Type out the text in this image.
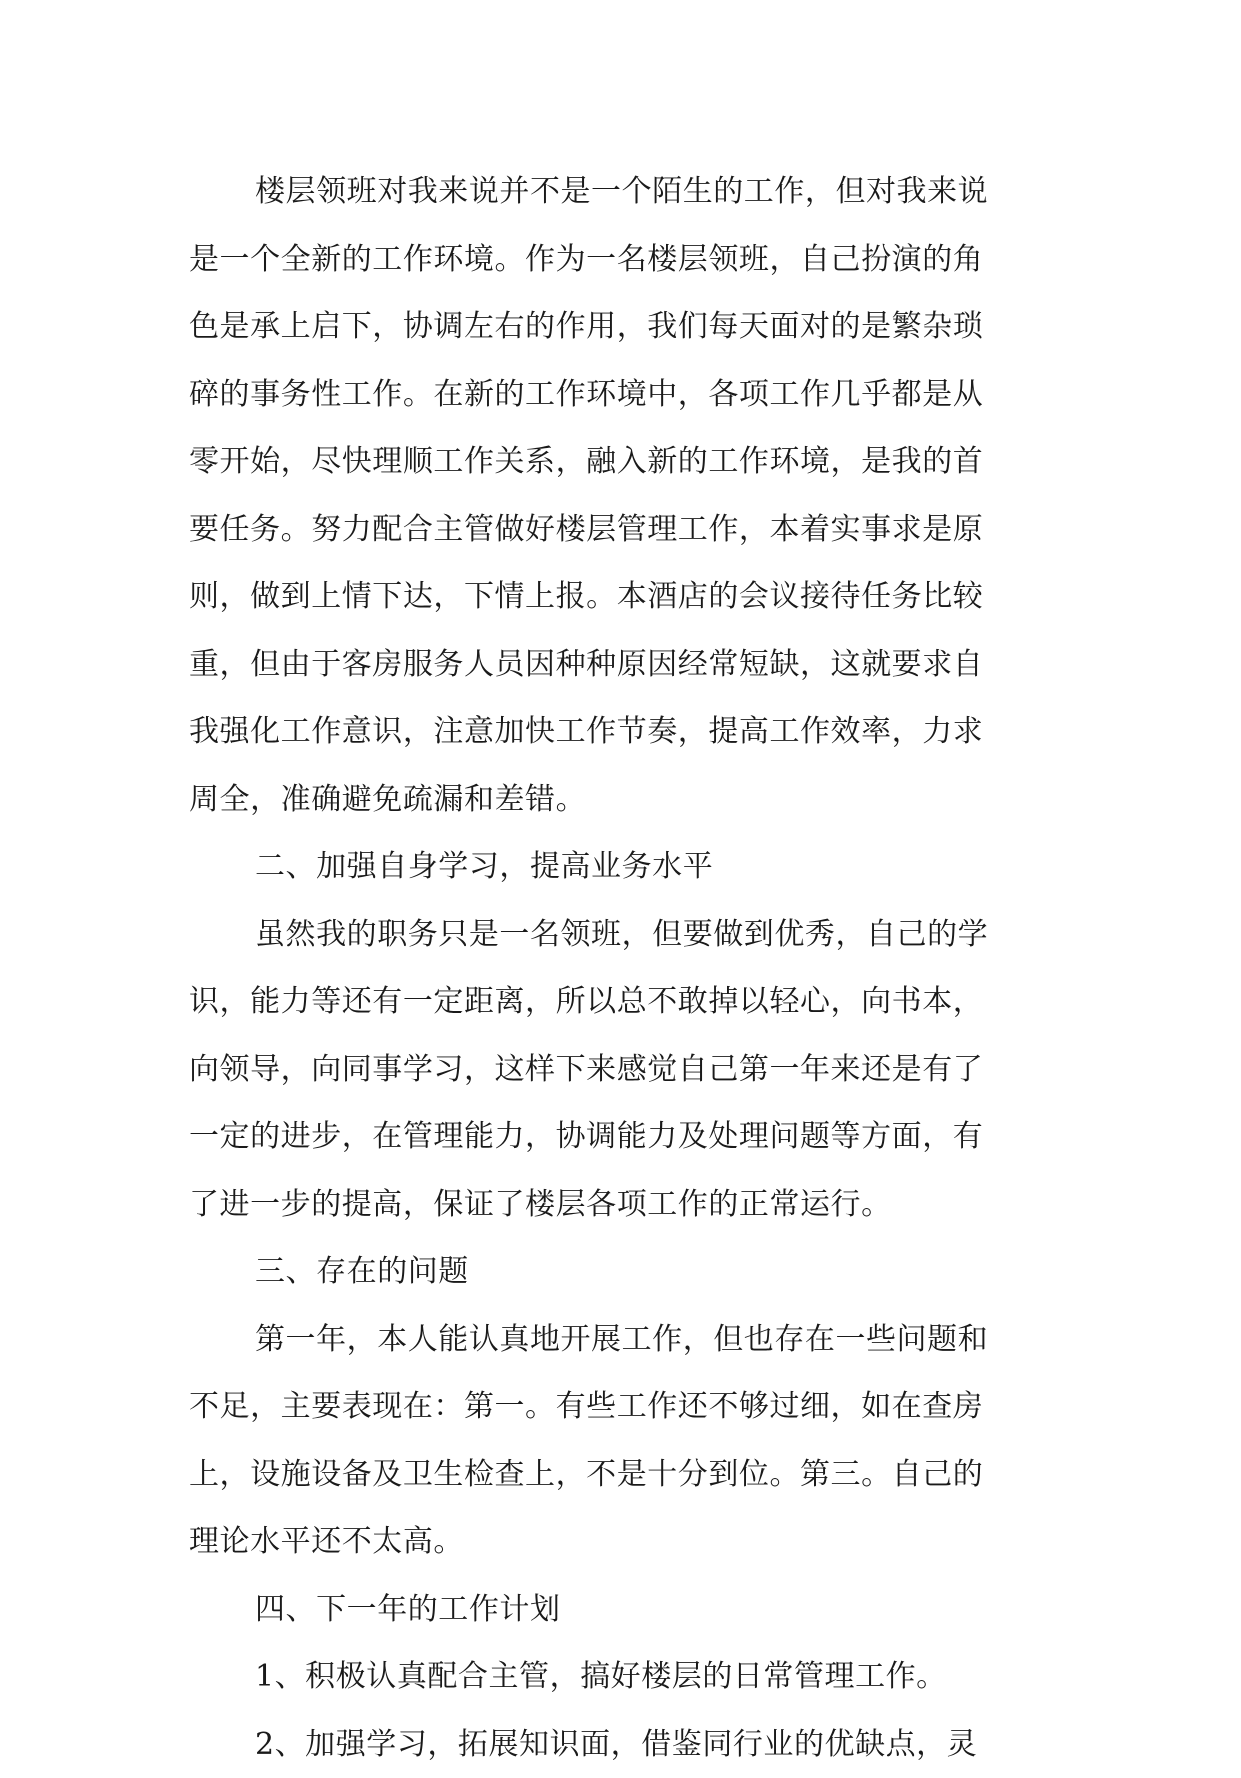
楼层领班对我来说并不是一个陌生的工作，但对我来说
是一个全新的工作环境。作为一名楼层领班，自己扮演的角
色是承上启下，协调左右的作用，我们每天面对的是繁杂琐
碎的事务性工作。在新的工作环境中，各项工作几乎都是从
零开始，尽快理顺工作关系，融入新的工作环境，是我的首
要任务。努力配合主管做好楼层管理工作，本着实事求是原
则，做到上情下达，下情上报。本酒店的会议接待任务比较
重，但由于客房服务人员因种种原因经常短缺，这就要求自
我强化工作意识，注意加快工作节奏，提高工作效率，力求
周全，准确避免疏漏和差错。
二、加强自身学习，提高业务水平
虽然我的职务只是一名领班，但要做到优秀，自己的学
识，能力等还有一定距离，所以总不敢掉以轻心，向书本，
向领导，向同事学习，这样下来感觉自己第一年来还是有了
一定的进步，在管理能力，协调能力及处理问题等方面，有
了进一步的提高，保证了楼层各项工作的正常运行。
三、存在的问题
第一年，本人能认真地开展工作，但也存在一些问题和
不足，主要表现在：第一。有些工作还不够过细，如在查房
上，设施设备及卫生检查上，不是十分到位。第三。自己的
理论水平还不太高。
四、下一年的工作计划
1、积极认真配合主管，搞好楼层的日常管理工作。
2、加强学习，拓展知识面，借鉴同行业的优缺点，灵
